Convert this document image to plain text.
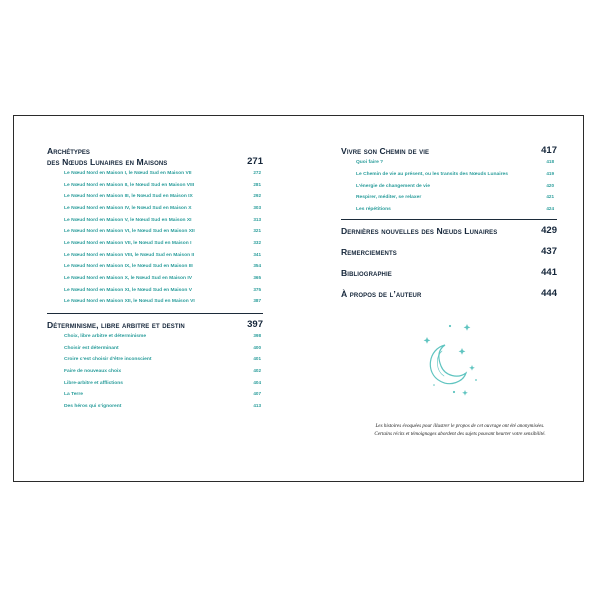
Archétypes
des Nœuds Lunaires en Maisons	271
Le Nœud Nord en Maison I, le Nœud Sud en Maison VII	272
Le Nœud Nord en Maison II, le Nœud Sud en Maison VIII	281
Le Nœud Nord en Maison III, le Nœud Sud en Maison IX	292
Le Nœud Nord en Maison IV, le Nœud Sud en Maison X	303
Le Nœud Nord en Maison V, le Nœud Sud en Maison XI	313
Le Nœud Nord en Maison VI, le Nœud Sud en Maison XII	321
Le Nœud Nord en Maison VII, le Nœud Sud en Maison I	332
Le Nœud Nord en Maison VIII, le Nœud Sud en Maison II	341
Le Nœud Nord en Maison IX, le Nœud Sud en Maison III	354
Le Nœud Nord en Maison X, le Nœud Sud en Maison IV	365
Le Nœud Nord en Maison XI, le Nœud Sud en Maison V	375
Le Nœud Nord en Maison XII, le Nœud Sud en Maison VI	387
Déterminisme, libre arbitre et destin	397
Choix, libre arbitre et déterminisme	398
Choisir est déterminant	400
Croire c’est choisir d’être inconscient	401
Faire de nouveaux choix	402
Libre-arbitre et afflictions	404
La Terre	407
Des héros qui s’ignorent	413
Vivre son Chemin de vie	417
Quoi faire ?	418
Le Chemin de vie au présent, ou les transits des Nœuds Lunaires	419
L’énergie de changement de vie	420
Respirer, méditer, se relaxer	421
Les répétitions	424
Dernières nouvelles des Nœuds Lunaires	429
Remerciements	437
Bibliographie	441
À propos de l’auteur	444
Les histoires évoquées pour illustrer le propos de cet ouvrage ont été anonymisées.
Certains récits et témoignages abordent des sujets pouvant heurter votre sensibilité.
